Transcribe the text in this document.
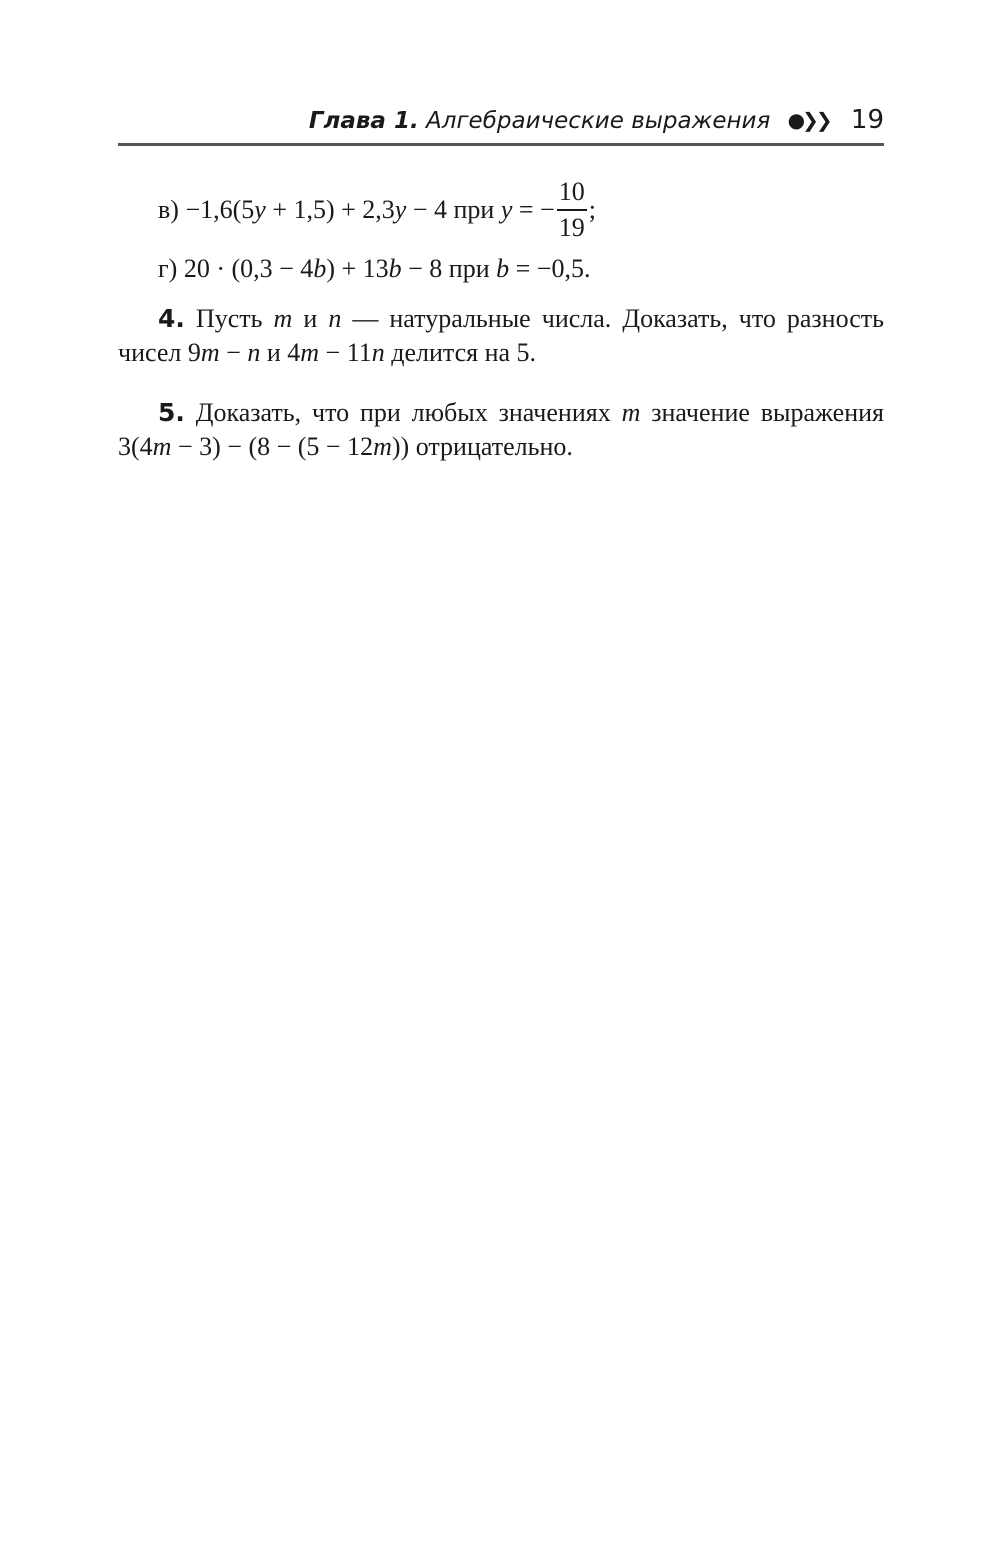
Глава 1. Алгебраические выражения ●❯❯ 19
в) −1,6(5y + 1,5) + 2,3y − 4 при y = − $\frac{10}{19}$ ;
г) 20 · (0,3 − 4b) + 13b − 8 при b = −0,5.

4. Пусть m и n — натуральные числа. Доказать, что разность чисел 9m − n и 4m − 11n делится на 5.

5. Доказать, что при любых значениях m значение выражения 3(4m − 3) − (8 − (5 − 12m)) отрицательно.
